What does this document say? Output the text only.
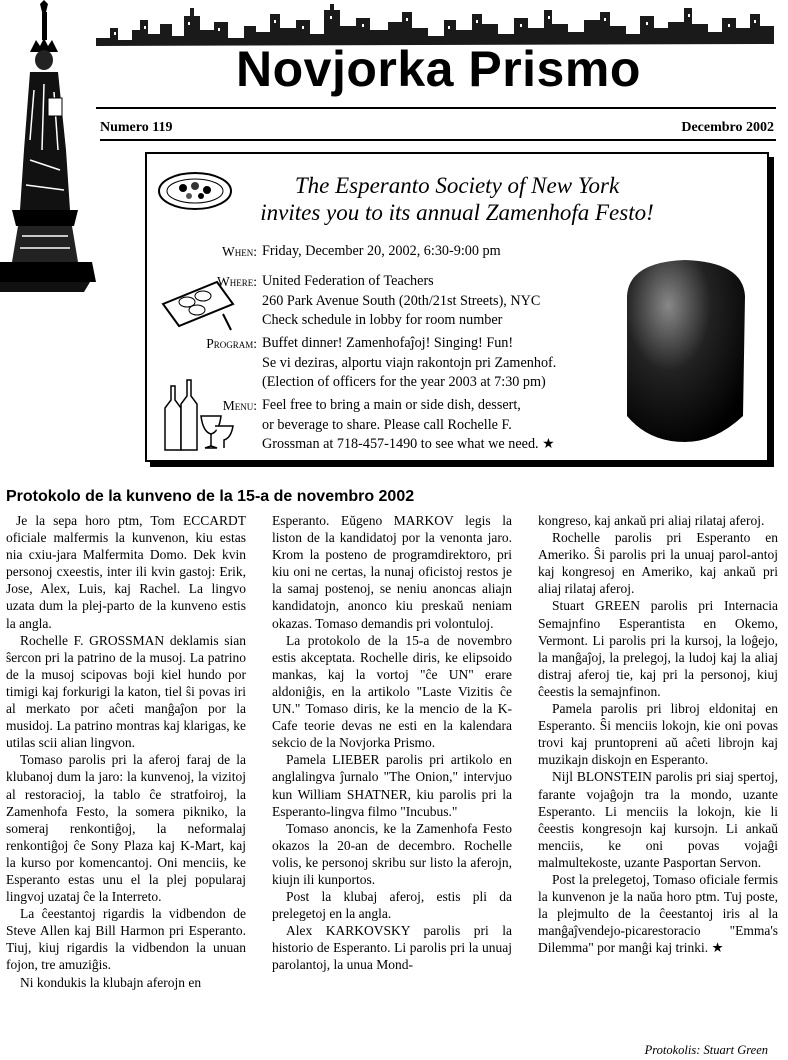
Novjorka Prismo
Numero 119	Decembro 2002
The Esperanto Society of New York
invites you to its annual Zamenhofa Festo!
When: Friday, December 20, 2002, 6:30-9:00 pm
Where: United Federation of Teachers
260 Park Avenue South (20th/21st Streets), NYC
Check schedule in lobby for room number
Program: Buffet dinner! Zamenhofaĵoj! Singing! Fun!
Se vi deziras, alportu viajn rakontojn pri Zamenhof.
(Election of officers for the year 2003 at 7:30 pm)
Menu: Feel free to bring a main or side dish, dessert,
or beverage to share. Please call Rochelle F.
Grossman at 718-457-1490 to see what we need. ★
Protokolo de la kunveno de la 15-a de novembro 2002

Je la sepa horo ptm, Tom ECCARDT oficiale malfermis la kunvenon, kiu estas nia cxiu-jara Malfermita Domo. Dek kvin personoj cxeestis, inter ili kvin gastoj: Erik, Jose, Alex, Luis, kaj Rachel. La lingvo uzata dum la plej-parto de la kunveno estis la angla.

Rochelle F. GROSSMAN deklamis sian ŝercon pri la patrino de la musoj. La patrino de la musoj scipovas boji kiel hundo por timigi kaj forkurigi la katon, tiel ŝi povas iri al merkato por aĉeti manĝaĵon por la musidoj. La patrino montras kaj klarigas, ke utilas scii alian lingvon.

Tomaso parolis pri la aferoj faraj de la klubanoj dum la jaro: la kunvenoj, la vizitoj al restoracioj, la tablo ĉe stratfoiroj, la Zamenhofa Festo, la somera pikniko, la someraj renkontiĝoj, la neformalaj renkontiĝoj ĉe Sony Plaza kaj K-Mart, kaj la kurso por komencantoj. Oni menciis, ke Esperanto estas unu el la plej popularaj lingvoj uzataj ĉe la Interreto.

La ĉeestantoj rigardis la vidbendon de Steve Allen kaj Bill Harmon pri Esperanto. Tiuj, kiuj rigardis la vidbendon la unuan fojon, tre amuziĝis.

Ni kondukis la klubajn aferojn en

Esperanto. Eŭgeno MARKOV legis la liston de la kandidatoj por la venonta jaro. Krom la posteno de programdirektoro, pri kiu oni ne certas, la nunaj oficistoj restos je la samaj postenoj, se neniu anoncas aliajn kandidatojn, anonco kiu preskaŭ neniam okazas. Tomaso demandis pri volontuloj.

La protokolo de la 15-a de novembro estis akceptata. Rochelle diris, ke elipsoido mankas, kaj la vortoj "ĉe UN" erare aldoniĝis, en la artikolo "Laste Vizitis ĉe UN." Tomaso diris, ke la mencio de la K-Cafe teorie devas ne esti en la kalendara sekcio de la Novjorka Prismo.

Pamela LIEBER parolis pri artikolo en anglalingva ĵurnalo "The Onion," intervjuo kun William SHATNER, kiu parolis pri la Esperanto-lingva filmo "Incubus."

Tomaso anoncis, ke la Zamenhofa Festo okazos la 20-an de decembro. Rochelle volis, ke personoj skribu sur listo la aferojn, kiujn ili kunportos.

Post la klubaj aferoj, estis pli da prelegetoj en la angla.

Alex KARKOVSKY parolis pri la historio de Esperanto. Li parolis pri la unuaj parolantoj, la unua Mond-

kongreso, kaj ankaŭ pri aliaj rilataj aferoj.

Rochelle parolis pri Esperanto en Ameriko. Ŝi parolis pri la unuaj parol-antoj kaj kongresoj en Ameriko, kaj ankaŭ pri aliaj rilataj aferoj.

Stuart GREEN parolis pri Internacia Semajnfino Esperantista en Okemo, Vermont. Li parolis pri la kursoj, la loĝejo, la manĝaĵoj, la prelegoj, la ludoj kaj la aliaj distraj aferoj tie, kaj pri la personoj, kiuj ĉeestis la semajnfinon.

Pamela parolis pri libroj eldonitaj en Esperanto. Ŝi menciis lokojn, kie oni povas trovi kaj pruntopreni aŭ aĉeti librojn kaj muzikajn diskojn en Esperanto.

Nijl BLONSTEIN parolis pri siaj spertoj, farante vojaĝojn tra la mondo, uzante Esperanto. Li menciis la lokojn, kie li ĉeestis kongresojn kaj kursojn. Li ankaŭ menciis, ke oni povas vojaĝi malmultekoste, uzante Pasportan Servon.

Post la prelegetoj, Tomaso oficiale fermis la kunvenon je la naŭa horo ptm. Tuj poste, la plejmulto de la ĉeestantoj iris al la manĝaĵvendejo-picarestoracio "Emma's Dilemma" por manĝi kaj trinki. ★

Protokolis: Stuart Green
